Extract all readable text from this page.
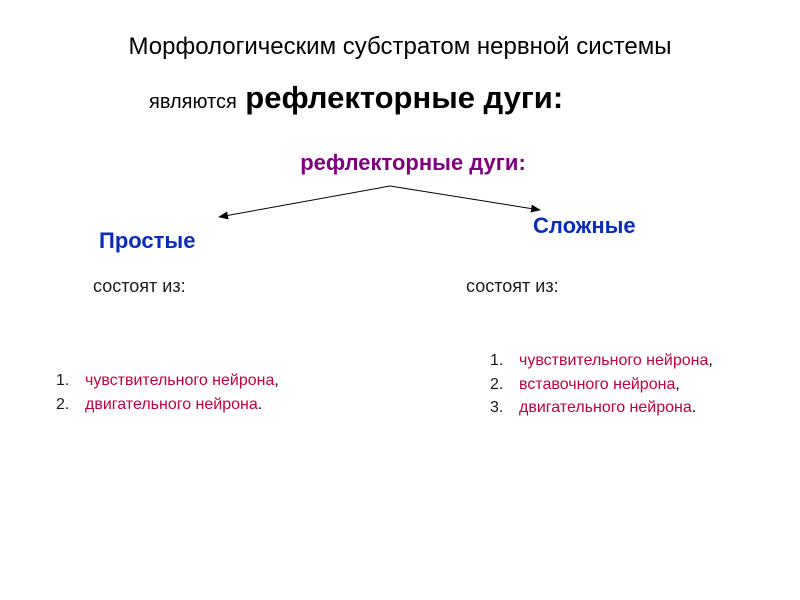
Морфологическим субстратом нервной системы
являются рефлекторные дуги:
рефлекторные дуги:
Простые
Сложные
состоят из:	состоят из:
1. чувствительного нейрона,
2. двигательного нейрона.
1. чувствительного нейрона,
2. вставочного нейрона,
3. двигательного нейрона.
